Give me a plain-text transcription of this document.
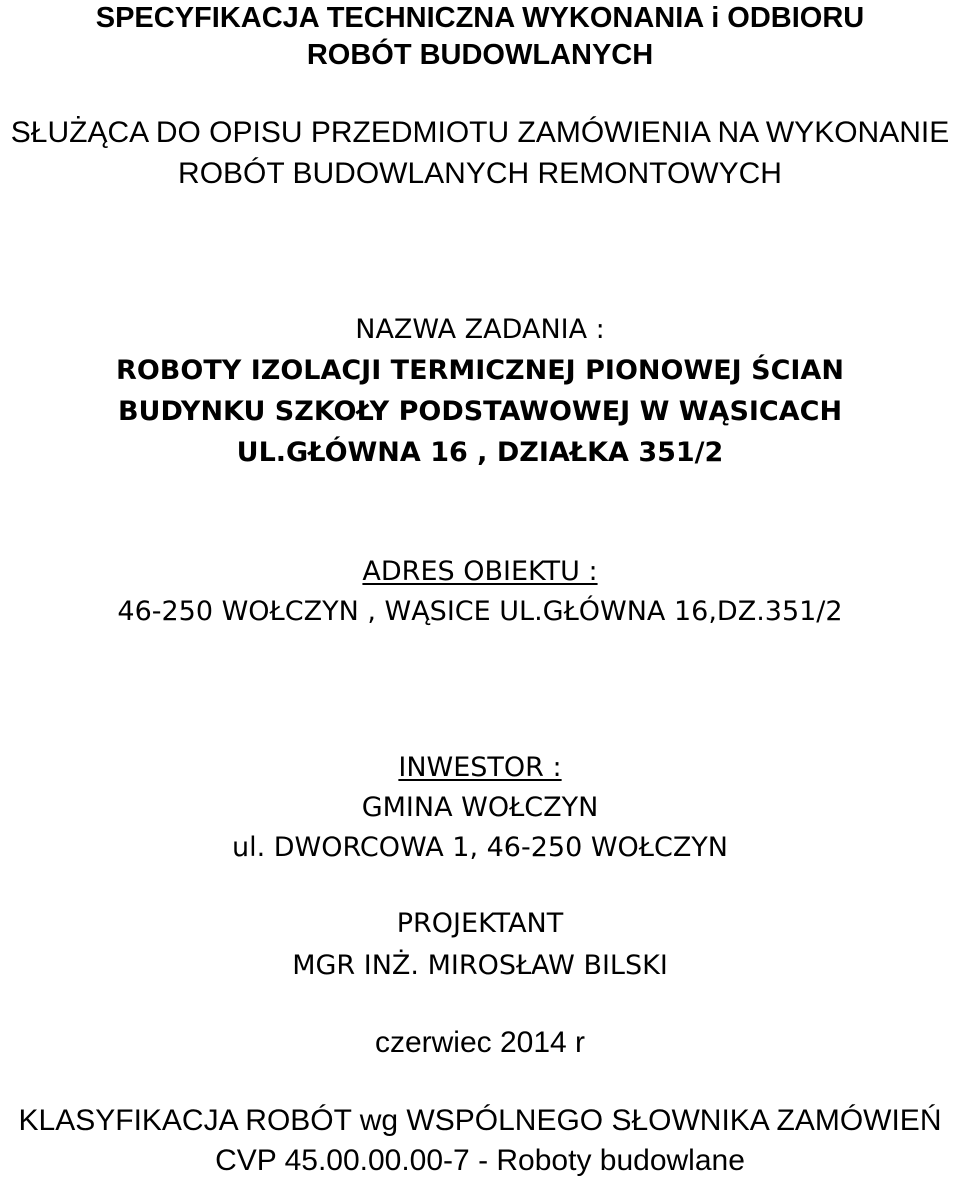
SPECYFIKACJA TECHNICZNA WYKONANIA i ODBIORU
ROBÓT BUDOWLANYCH
SŁUŻĄCA DO OPISU PRZEDMIOTU ZAMÓWIENIA NA WYKONANIE
ROBÓT BUDOWLANYCH REMONTOWYCH
NAZWA ZADANIA :
ROBOTY IZOLACJI TERMICZNEJ PIONOWEJ ŚCIAN
BUDYNKU SZKOŁY PODSTAWOWEJ W WĄSICACH
UL.GŁÓWNA 16 , DZIAŁKA 351/2
ADRES OBIEKTU :
46-250 WOŁCZYN , WĄSICE UL.GŁÓWNA 16,DZ.351/2
INWESTOR :
GMINA WOŁCZYN
ul. DWORCOWA 1, 46-250 WOŁCZYN
PROJEKTANT
MGR INŻ. MIROSŁAW BILSKI
czerwiec 2014 r
KLASYFIKACJA ROBÓT wg WSPÓLNEGO SŁOWNIKA ZAMÓWIEŃ
CVP 45.00.00.00-7 - Roboty budowlane
